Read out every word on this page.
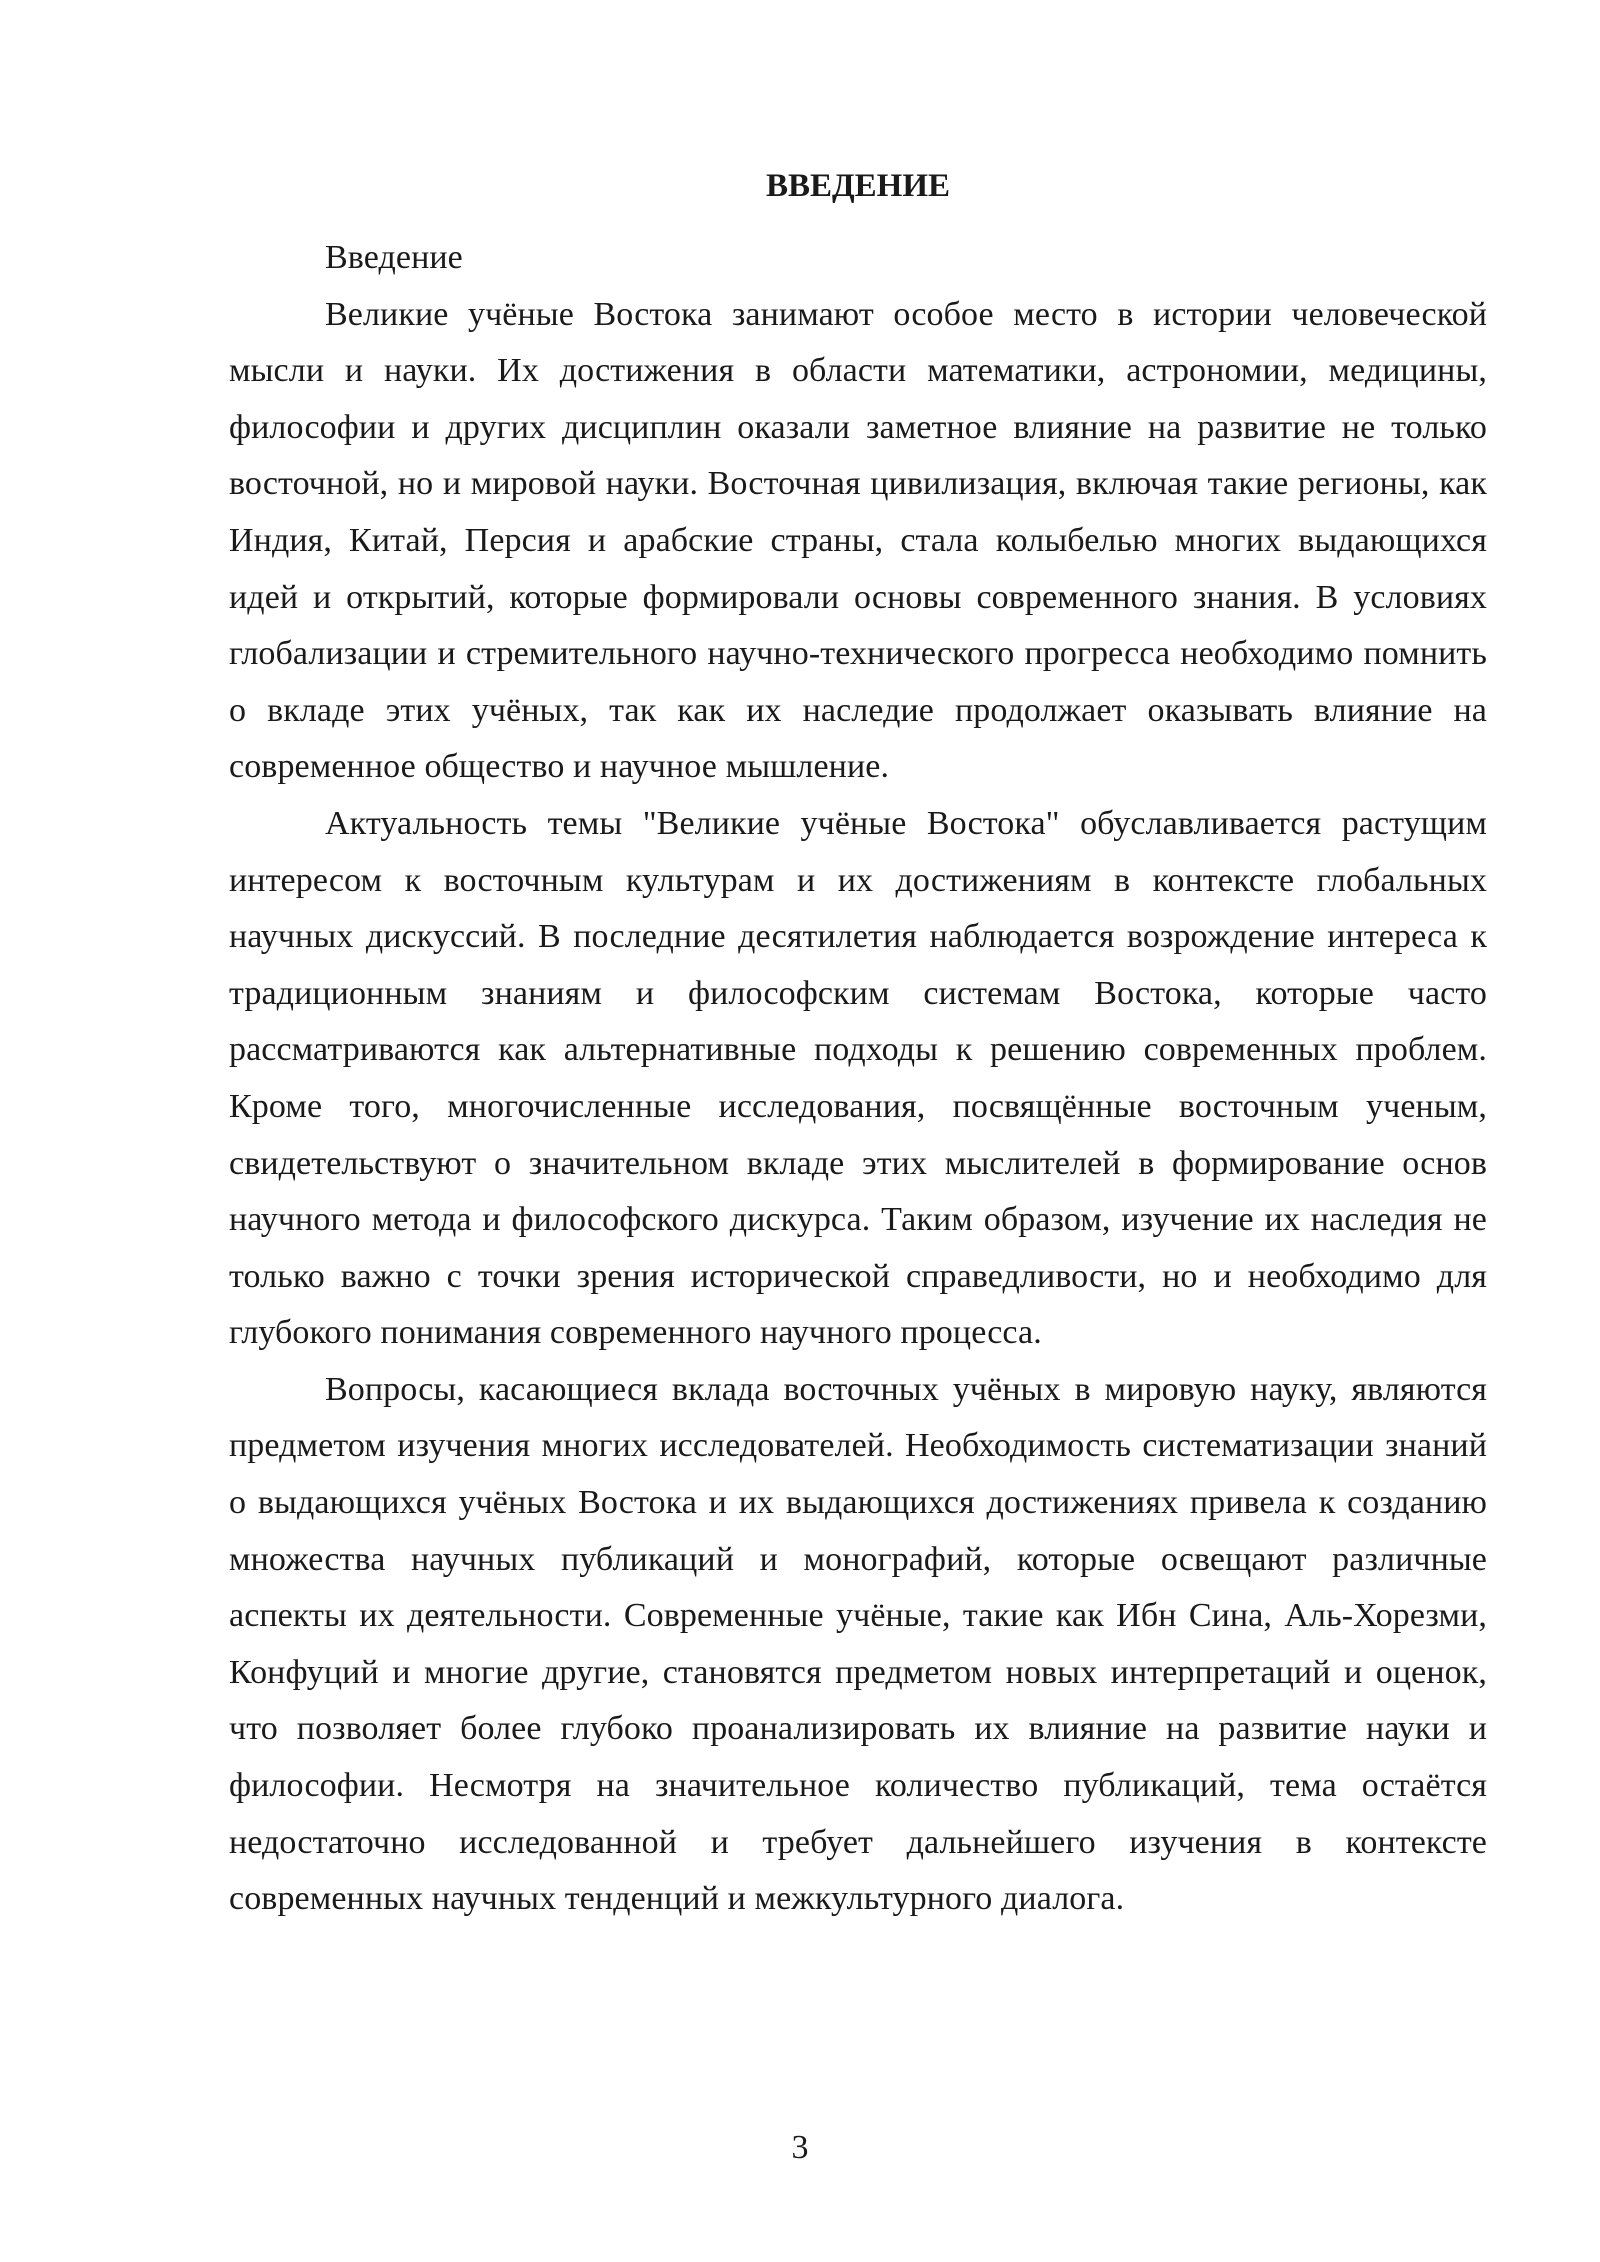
ВВЕДЕНИЕ

Введение

Великие учёные Востока занимают особое место в истории человеческой мысли и науки. Их достижения в области математики, астрономии, медицины, философии и других дисциплин оказали заметное влияние на развитие не только восточной, но и мировой науки. Восточная цивилизация, включая такие регионы, как Индия, Китай, Персия и арабские страны, стала колыбелью многих выдающихся идей и открытий, которые формировали основы современного знания. В условиях глобализации и стремительного научно-технического прогресса необходимо помнить о вкладе этих учёных, так как их наследие продолжает оказывать влияние на современное общество и научное мышление.

Актуальность темы "Великие учёные Востока" обуславливается растущим интересом к восточным культурам и их достижениям в контексте глобальных научных дискуссий. В последние десятилетия наблюдается возрождение интереса к традиционным знаниям и философским системам Востока, которые часто рассматриваются как альтернативные подходы к решению современных проблем. Кроме того, многочисленные исследования, посвящённые восточным ученым, свидетельствуют о значительном вкладе этих мыслителей в формирование основ научного метода и философского дискурса. Таким образом, изучение их наследия не только важно с точки зрения исторической справедливости, но и необходимо для глубокого понимания современного научного процесса.

Вопросы, касающиеся вклада восточных учёных в мировую науку, являются предметом изучения многих исследователей. Необходимость систематизации знаний о выдающихся учёных Востока и их выдающихся достижениях привела к созданию множества научных публикаций и монографий, которые освещают различные аспекты их деятельности. Современные учёные, такие как Ибн Сина, Аль-Хорезми, Конфуций и многие другие, становятся предметом новых интерпретаций и оценок, что позволяет более глубоко проанализировать их влияние на развитие науки и философии. Несмотря на значительное количество публикаций, тема остаётся недостаточно исследованной и требует дальнейшего изучения в контексте современных научных тенденций и межкультурного диалога.

3
